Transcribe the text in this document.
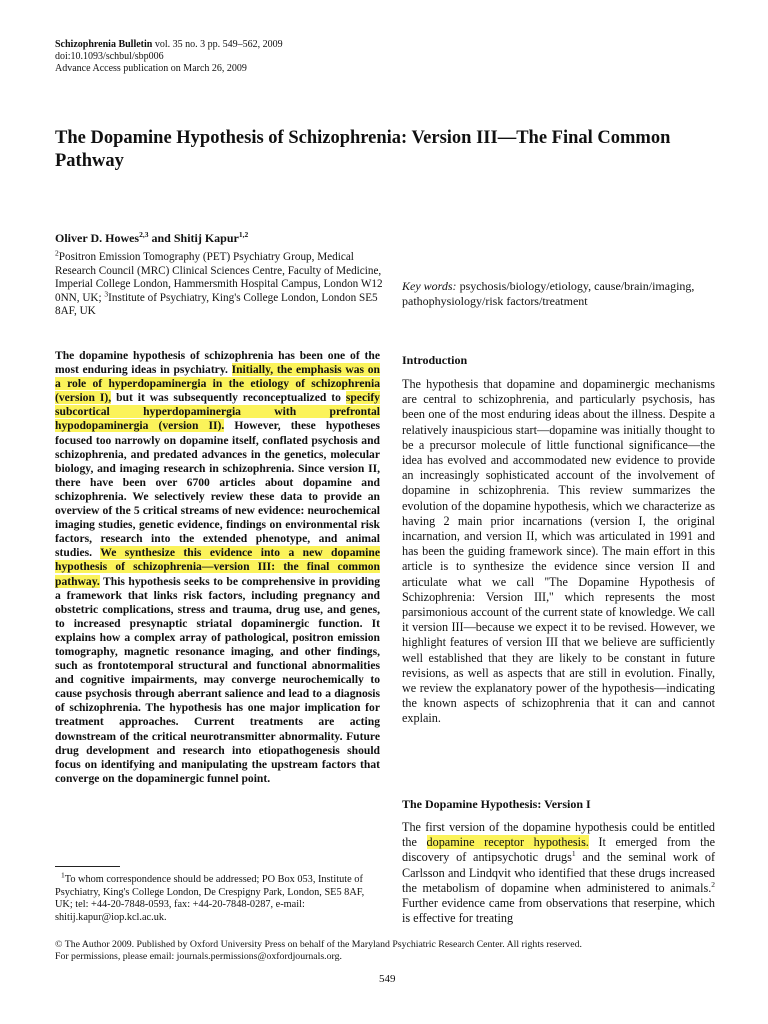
Schizophrenia Bulletin vol. 35 no. 3 pp. 549–562, 2009
doi:10.1093/schbul/sbp006
Advance Access publication on March 26, 2009
The Dopamine Hypothesis of Schizophrenia: Version III—The Final Common Pathway
Oliver D. Howes$^{2,3}$ and Shitij Kapur$^{1,2}$
$^2$Positron Emission Tomography (PET) Psychiatry Group, Medical Research Council (MRC) Clinical Sciences Centre, Faculty of Medicine, Imperial College London, Hammersmith Hospital Campus, London W12 0NN, UK; $^3$Institute of Psychiatry, King's College London, London SE5 8AF, UK

The dopamine hypothesis of schizophrenia has been one of the most enduring ideas in psychiatry. Initially, the emphasis was on a role of hyperdopaminergia in the etiology of schizophrenia (version I), but it was subsequently reconceptualized to specify subcortical hyperdopaminergia with prefrontal hypodopaminergia (version II). However, these hypotheses focused too narrowly on dopamine itself, conflated psychosis and schizophrenia, and predated advances in the genetics, molecular biology, and imaging research in schizophrenia. Since version II, there have been over 6700 articles about dopamine and schizophrenia. We selectively review these data to provide an overview of the 5 critical streams of new evidence: neurochemical imaging studies, genetic evidence, findings on environmental risk factors, research into the extended phenotype, and animal studies. We synthesize this evidence into a new dopamine hypothesis of schizophrenia—version III: the final common pathway. This hypothesis seeks to be comprehensive in providing a framework that links risk factors, including pregnancy and obstetric complications, stress and trauma, drug use, and genes, to increased presynaptic striatal dopaminergic function. It explains how a complex array of pathological, positron emission tomography, magnetic resonance imaging, and other findings, such as frontotemporal structural and functional abnormalities and cognitive impairments, may converge neurochemically to cause psychosis through aberrant salience and lead to a diagnosis of schizophrenia. The hypothesis has one major implication for treatment approaches. Current treatments are acting downstream of the critical neurotransmitter abnormality. Future drug development and research into etiopathogenesis should focus on identifying and manipulating the upstream factors that converge on the dopaminergic funnel point.

Key words: psychosis/biology/etiology, cause/brain/imaging, pathophysiology/risk factors/treatment
Introduction

The hypothesis that dopamine and dopaminergic mechanisms are central to schizophrenia, and particularly psychosis, has been one of the most enduring ideas about the illness. Despite a relatively inauspicious start—dopamine was initially thought to be a precursor molecule of little functional significance—the idea has evolved and accommodated new evidence to provide an increasingly sophisticated account of the involvement of dopamine in schizophrenia. This review summarizes the evolution of the dopamine hypothesis, which we characterize as having 2 main prior incarnations (version I, the original incarnation, and version II, which was articulated in 1991 and has been the guiding framework since). The main effort in this article is to synthesize the evidence since version II and articulate what we call ''The Dopamine Hypothesis of Schizophrenia: Version III,'' which represents the most parsimonious account of the current state of knowledge. We call it version III—because we expect it to be revised. However, we highlight features of version III that we believe are sufficiently well established that they are likely to be constant in future revisions, as well as aspects that are still in evolution. Finally, we review the explanatory power of the hypothesis—indicating the known aspects of schizophrenia that it can and cannot explain.

The Dopamine Hypothesis: Version I

The first version of the dopamine hypothesis could be entitled the dopamine receptor hypothesis. It emerged from the discovery of antipsychotic drugs$^1$ and the seminal work of Carlsson and Lindqvit who identified that these drugs increased the metabolism of dopamine when administered to animals.$^2$ Further evidence came from observations that reserpine, which is effective for treating

$^1$To whom correspondence should be addressed; PO Box 053, Institute of Psychiatry, King's College London, De Crespigny Park, London, SE5 8AF, UK; tel: +44-20-7848-0593, fax: +44-20-7848-0287, e-mail: shitij.kapur@iop.kcl.ac.uk.

© The Author 2009. Published by Oxford University Press on behalf of the Maryland Psychiatric Research Center. All rights reserved.
For permissions, please email: journals.permissions@oxfordjournals.org.
549
